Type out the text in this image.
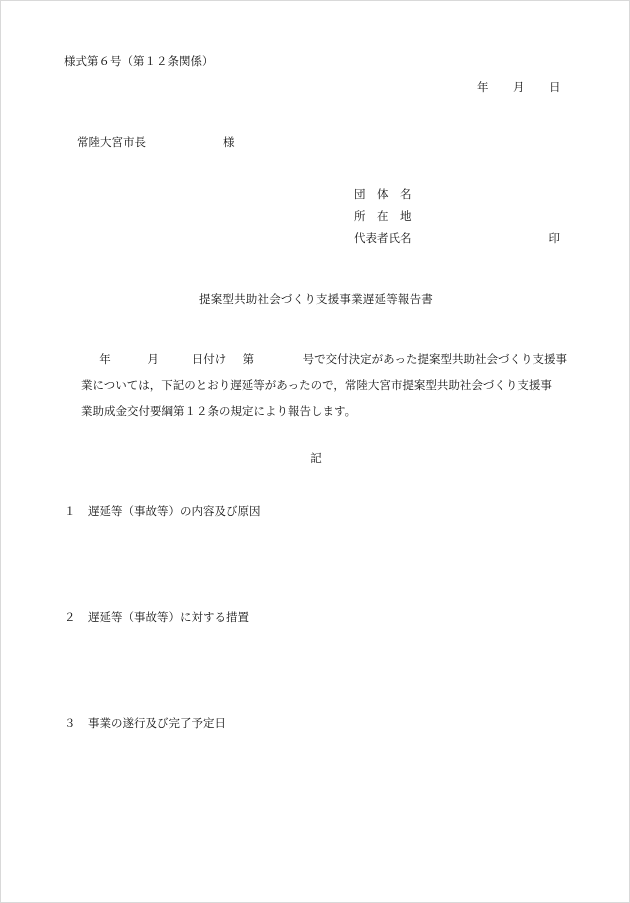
様式第６号（第１２条関係）
年	月	日
常陸大宮市長	様
団　体　名
所　在　地
代表者氏名	印
提案型共助社会づくり支援事業遅延等報告書
年	月	日付け 第	号で交付決定があった提案型共助社会づくり支援事
業については，下記のとおり遅延等があったので，常陸大宮市提案型共助社会づくり支援事
業助成金交付要綱第１２条の規定により報告します。
記
１	遅延等（事故等）の内容及び原因
２	遅延等（事故等）に対する措置
３	事業の遂行及び完了予定日
